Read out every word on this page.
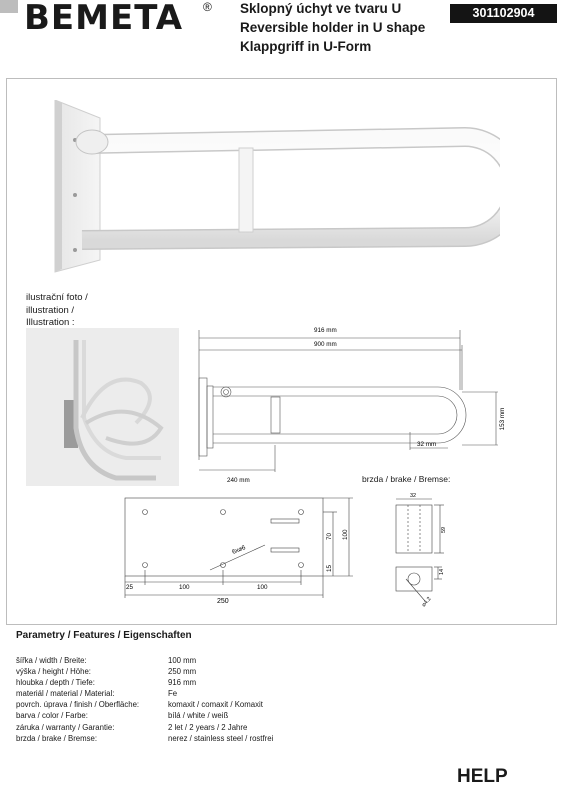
BEMETA ® Sklopný úchyt ve tvaru U
Reversible holder in U shape
Klappgriff in U-Form
301102904
ilustrační foto /
illustration /
Illustration :
916 mm
900 mm
153 mm
32 mm
240 mm	brzda / brake / Bremse:
25	100	100
250
70 100
15
6x⌀6
32
59
14
⌀4.2
Parametry / Features / Eigenschaften
šířka / width / Breite:	100 mm
výška / height / Höhe:	250 mm
hloubka / depth / Tiefe:	916 mm
materiál / material / Material:	Fe
povrch. úprava / finish / Oberfläche:	komaxit / comaxit / Komaxit
barva / color / Farbe:	bílá / white / weiß
záruka / warranty / Garantie:	2 let / 2 years / 2 Jahre
brzda / brake / Bremse:	nerez / stainless steel / rostfrei
HELP
